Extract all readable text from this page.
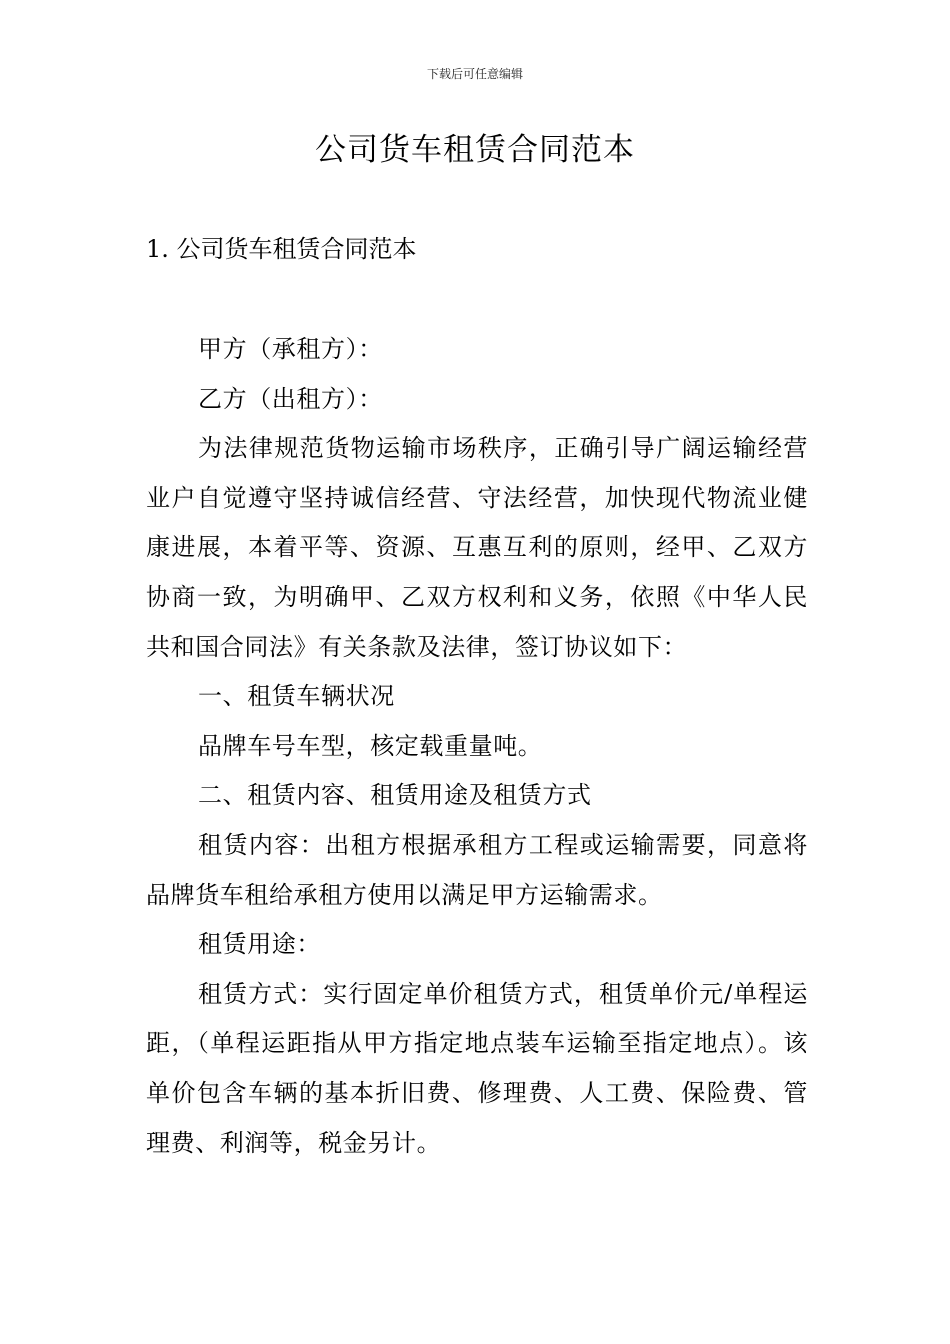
下载后可任意编辑
公司货车租赁合同范本
1. 公司货车租赁合同范本

甲方（承租方）：

乙方（出租方）：

为法律规范货物运输市场秩序，正确引导广阔运输经营业户自觉遵守坚持诚信经营、守法经营，加快现代物流业健康进展，本着平等、资源、互惠互利的原则，经甲、乙双方协商一致，为明确甲、乙双方权利和义务，依照《中华人民共和国合同法》有关条款及法律，签订协议如下：

一、租赁车辆状况

品牌车号车型，核定载重量吨。

二、租赁内容、租赁用途及租赁方式

租赁内容：出租方根据承租方工程或运输需要，同意将品牌货车租给承租方使用以满足甲方运输需求。

租赁用途：

租赁方式：实行固定单价租赁方式，租赁单价元/单程运距，（单程运距指从甲方指定地点装车运输至指定地点）。该单价包含车辆的基本折旧费、修理费、人工费、保险费、管理费、利润等，税金另计。
